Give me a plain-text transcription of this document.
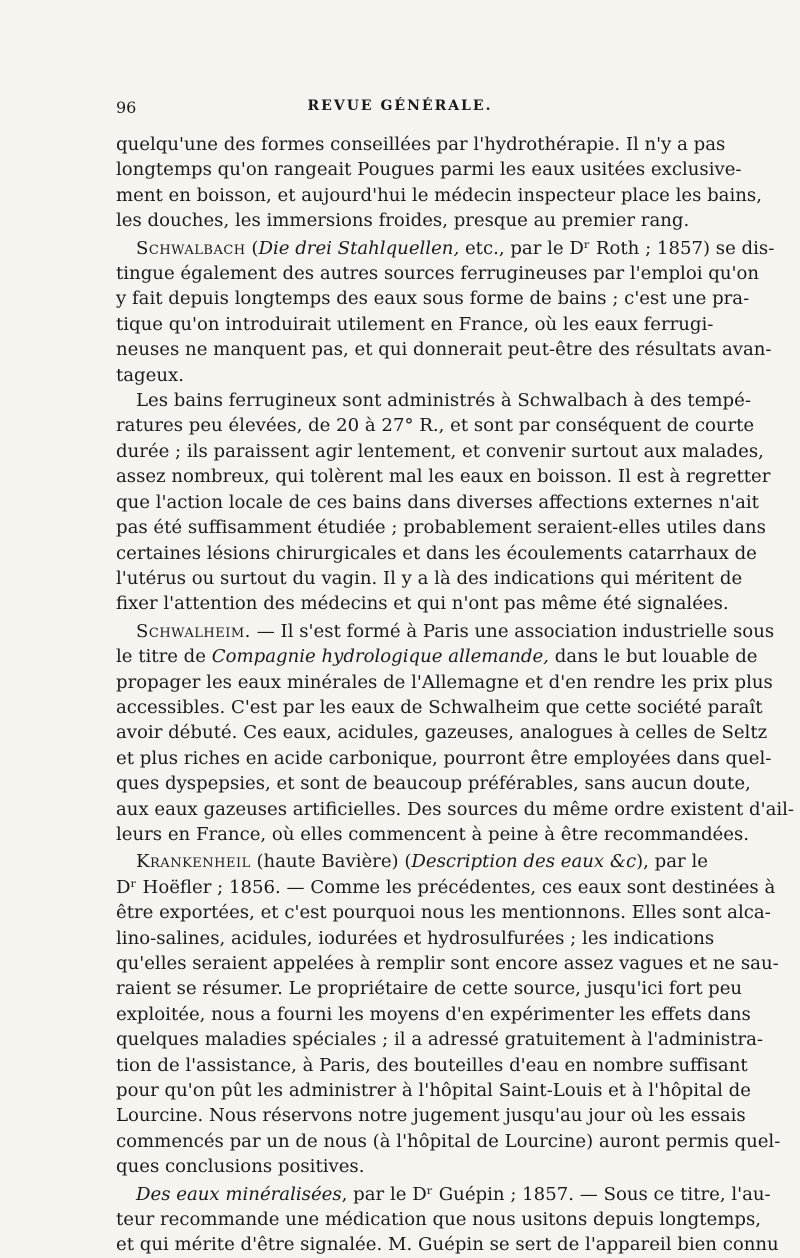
96	REVUE GÉNÉRALE.
quelqu'une des formes conseillées par l'hydrothérapie. Il n'y a pas
longtemps qu'on rangeait Pougues parmi les eaux usitées exclusive-
ment en boisson, et aujourd'hui le médecin inspecteur place les bains,
les douches, les immersions froides, presque au premier rang.
Schwalbach (Die drei Stahlquellen, etc., par le Dʳ Roth ; 1857) se dis-
tingue également des autres sources ferrugineuses par l'emploi qu'on
y fait depuis longtemps des eaux sous forme de bains ; c'est une pra-
tique qu'on introduirait utilement en France, où les eaux ferrugi-
neuses ne manquent pas, et qui donnerait peut-être des résultats avan-
tageux.
Les bains ferrugineux sont administrés à Schwalbach à des tempé-
ratures peu élevées, de 20 à 27° R., et sont par conséquent de courte
durée ; ils paraissent agir lentement, et convenir surtout aux malades,
assez nombreux, qui tolèrent mal les eaux en boisson. Il est à regretter
que l'action locale de ces bains dans diverses affections externes n'ait
pas été suffisamment étudiée ; probablement seraient-elles utiles dans
certaines lésions chirurgicales et dans les écoulements catarrhaux de
l'utérus ou surtout du vagin. Il y a là des indications qui méritent de
fixer l'attention des médecins et qui n'ont pas même été signalées.
Schwalheim. — Il s'est formé à Paris une association industrielle sous
le titre de Compagnie hydrologique allemande, dans le but louable de
propager les eaux minérales de l'Allemagne et d'en rendre les prix plus
accessibles. C'est par les eaux de Schwalheim que cette société paraît
avoir débuté. Ces eaux, acidules, gazeuses, analogues à celles de Seltz
et plus riches en acide carbonique, pourront être employées dans quel-
ques dyspepsies, et sont de beaucoup préférables, sans aucun doute,
aux eaux gazeuses artificielles. Des sources du même ordre existent d'ail-
leurs en France, où elles commencent à peine à être recommandées.
Krankenheil (haute Bavière) (Description des eaux &c), par le
Dʳ Hoëfler ; 1856. — Comme les précédentes, ces eaux sont destinées à
être exportées, et c'est pourquoi nous les mentionnons. Elles sont alca-
lino-salines, acidules, iodurées et hydrosulfurées ; les indications
qu'elles seraient appelées à remplir sont encore assez vagues et ne sau-
raient se résumer. Le propriétaire de cette source, jusqu'ici fort peu
exploitée, nous a fourni les moyens d'en expérimenter les effets dans
quelques maladies spéciales ; il a adressé gratuitement à l'administra-
tion de l'assistance, à Paris, des bouteilles d'eau en nombre suffisant
pour qu'on pût les administrer à l'hôpital Saint-Louis et à l'hôpital de
Lourcine. Nous réservons notre jugement jusqu'au jour où les essais
commencés par un de nous (à l'hôpital de Lourcine) auront permis quel-
ques conclusions positives.
Des eaux minéralisées, par le Dʳ Guépin ; 1857. — Sous ce titre, l'au-
teur recommande une médication que nous usitons depuis longtemps,
et qui mérite d'être signalée. M. Guépin se sert de l'appareil bien connu
